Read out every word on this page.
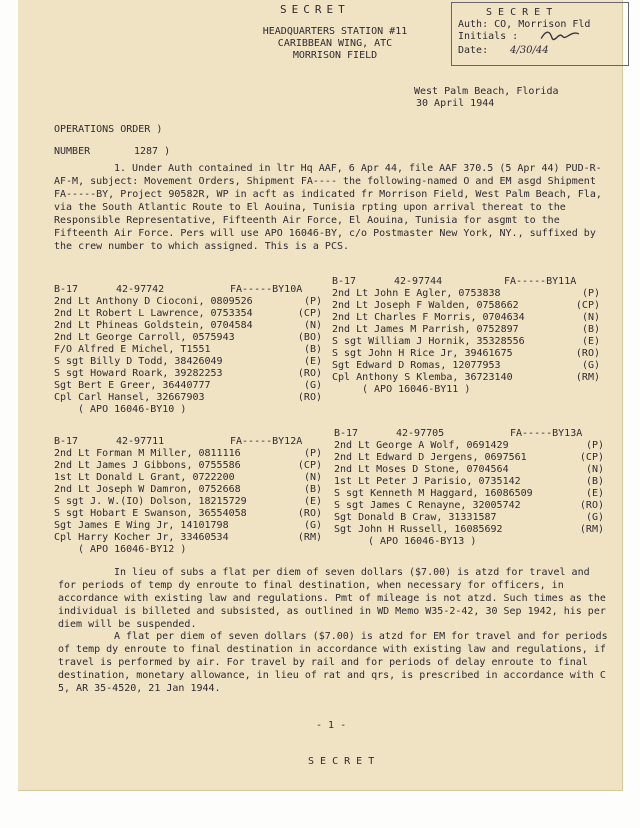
SECRET
HEADQUARTERS STATION #11
CARIBBEAN WING, ATC
MORRISON FIELD
S E C R E T
Auth: CO, Morrison Fld
Initials :
Date: 4/30/44
West Palm Beach, Florida
30 April 1944
OPERATIONS ORDER )
NUMBER	1287 )
1. Under Auth contained in ltr Hq AAF, 6 Apr 44, file AAF 370.5 (5 Apr 44) PUD-R-AF-M, subject: Movement Orders, Shipment FA---- the following-named O and EM asgd Shipment FA-----BY, Project 90582R, WP in acft as indicated fr Morrison Field, West Palm Beach, Fla, via the South Atlantic Route to El Aouina, Tunisia rpting upon arrival thereat to the Responsible Representative, Fifteenth Air Force, El Aouina, Tunisia for asgmt to the Fifteenth Air Force. Pers will use APO 16046-BY, c/o Postmaster New York, NY., suffixed by the crew number to which assigned. This is a PCS.
B-17	42-97742	FA-----BY10A
2nd Lt Anthony D Cioconi, 0809526	(P)
2nd Lt Robert L Lawrence, 0753354	(CP)
2nd Lt Phineas Goldstein, 0704584	(N)
2nd Lt George Carroll, 0575943	(BO)
F/O Alfred E Michel, T1551	(B)
S sgt Billy D Todd, 38426049	(E)
S sgt Howard Roark, 39282253	(RO)
Sgt Bert E Greer, 36440777	(G)
Cpl Carl Hansel, 32667903	(RO)
( APO 16046-BY10 )
B-17	42-97744	FA-----BY11A
2nd Lt John E Agler, 0753838	(P)
2nd Lt Joseph F Walden, 0758662	(CP)
2nd Lt Charles F Morris, 0704634	(N)
2nd Lt James M Parrish, 0752897	(B)
S sgt William J Hornik, 35328556	(E)
S sgt John H Rice Jr, 39461675	(RO)
Sgt Edward D Romas, 12077953	(G)
Cpl Anthony S Klemba, 36723140	(RM)
( APO 16046-BY11 )
B-17	42-97711	FA-----BY12A
2nd Lt Forman M Miller, 0811116	(P)
2nd Lt James J Gibbons, 0755586	(CP)
1st Lt Donald L Grant, 0722200	(N)
2nd Lt Joseph W Damron, 0752668	(B)
S sgt J. W.(IO) Dolson, 18215729	(E)
S sgt Hobart E Swanson, 36554058	(RO)
Sgt James E Wing Jr, 14101798	(G)
Cpl Harry Kocher Jr, 33460534	(RM)
( APO 16046-BY12 )
B-17	42-97705	FA-----BY13A
2nd Lt George A Wolf, 0691429	(P)
2nd Lt Edward D Jergens, 0697561	(CP)
2nd Lt Moses D Stone, 0704564	(N)
1st Lt Peter J Parisio, 0735142	(B)
S sgt Kenneth M Haggard, 16086509	(E)
S sgt James C Renayne, 32005742	(RO)
Sgt Donald B Craw, 31331587	(G)
Sgt John H Russell, 16085692	(RM)
( APO 16046-BY13 )
In lieu of subs a flat per diem of seven dollars ($7.00) is atzd for travel and for periods of temp dy enroute to final destination, when necessary for officers, in accordance with existing law and regulations. Pmt of mileage is not atzd. Such times as the individual is billeted and subsisted, as outlined in WD Memo W35-2-42, 30 Sep 1942, his per diem will be suspended.
A flat per diem of seven dollars ($7.00) is atzd for EM for travel and for periods of temp dy enroute to final destination in accordance with existing law and regulations, if travel is performed by air. For travel by rail and for periods of delay enroute to final destination, monetary allowance, in lieu of rat and qrs, is prescribed in accordance with C 5, AR 35-4520, 21 Jan 1944.
- 1 -
S E C R E T
